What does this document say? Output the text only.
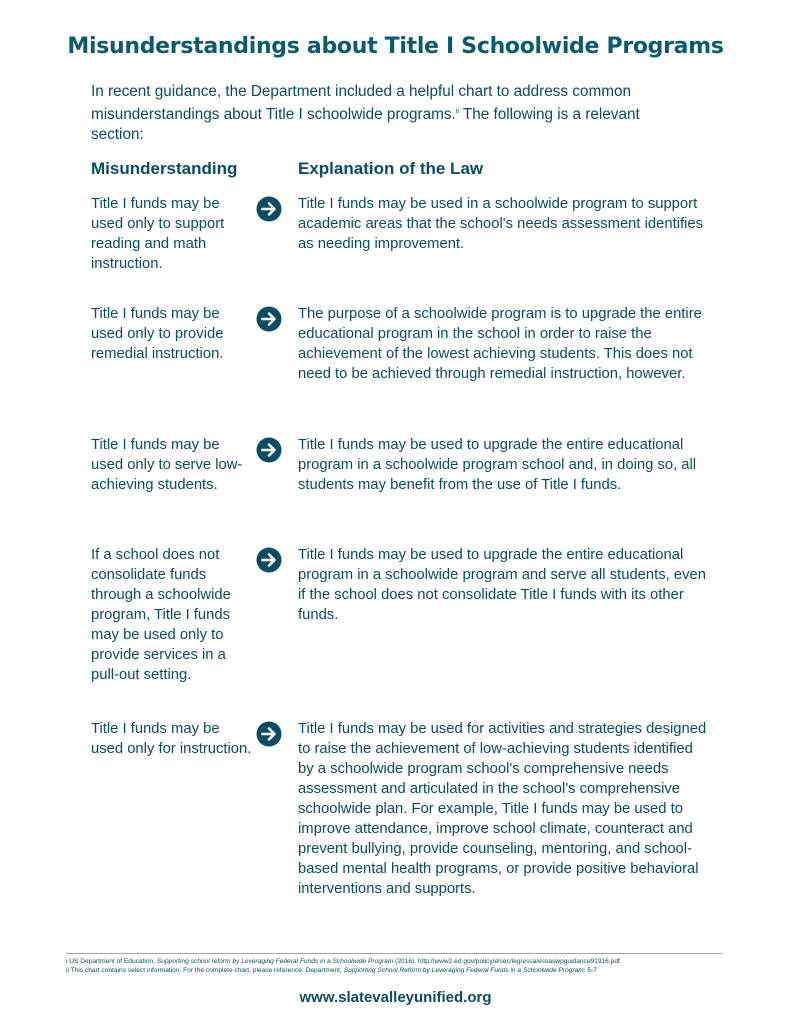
Misunderstandings about Title I Schoolwide Programs
In recent guidance, the Department included a helpful chart to address common misunderstandings about Title I schoolwide programs.$^{ii}$ The following is a relevant section:
Misunderstanding	Explanation of the Law
Title I funds may be used only to support reading and math instruction.
Title I funds may be used in a schoolwide program to support academic areas that the school's needs assessment identifies as needing improvement.
Title I funds may be used only to provide remedial instruction.
The purpose of a schoolwide program is to upgrade the entire educational program in the school in order to raise the achievement of the lowest achieving students. This does not need to be achieved through remedial instruction, however.
Title I funds may be used only to serve low-achieving students.
Title I funds may be used to upgrade the entire educational program in a schoolwide program school and, in doing so, all students may benefit from the use of Title I funds.
If a school does not consolidate funds through a schoolwide program, Title I funds may be used only to provide services in a pull-out setting.
Title I funds may be used to upgrade the entire educational program in a schoolwide program and serve all students, even if the school does not consolidate Title I funds with its other funds.
Title I funds may be used only for instruction.
Title I funds may be used for activities and strategies designed to raise the achievement of low-achieving students identified by a schoolwide program school's comprehensive needs assessment and articulated in the school's comprehensive schoolwide plan. For example, Title I funds may be used to improve attendance, improve school climate, counteract and prevent bullying, provide counseling, mentoring, and school-based mental health programs, or provide positive behavioral interventions and supports.
i US Department of Education, Supporting school reform by Leveraging Federal Funds in a Schoolwide Program (2016). http://www2.ed.gov/policy/elsec/leg/essa/essaswpguidance91916.pdf
ii This chart contains select information. For the complete chart, please reference: Department, Supporting School Reform by Leveraging Federal Funds in a Schoolwide Program: 5-7
www.slatevalleyunified.org
